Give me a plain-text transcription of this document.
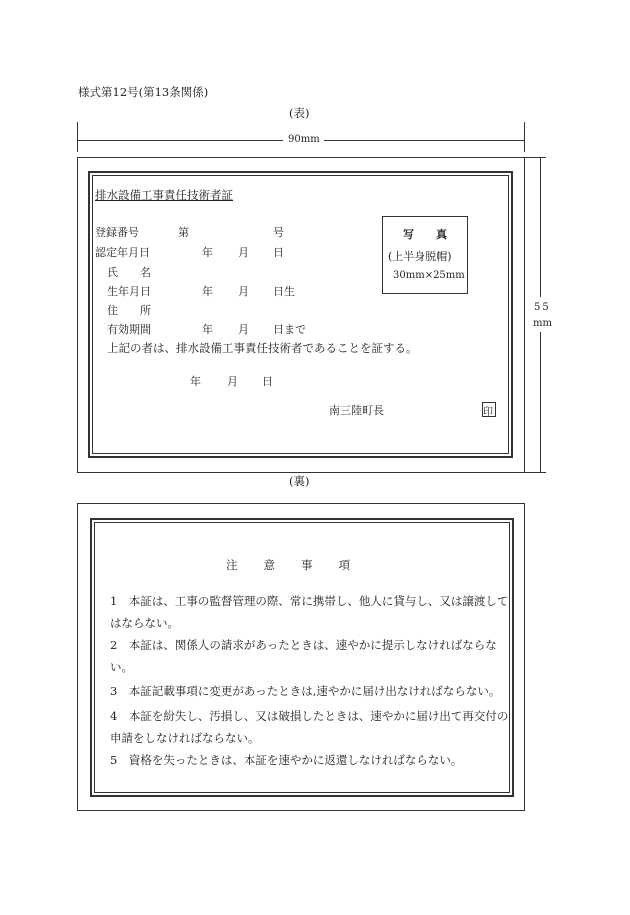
様式第12号(第13条関係)
(表)
90mm
55
mm
排水設備工事責任技術者証
登録番号	第	号
認定年月日	年 月 日
氏　　名
生年月日	年 月 日生
住　　所
有効期間	年 月 日まで
写　　真
(上半身脱帽)
30mm×25mm
上記の者は、排水設備工事責任技術者であることを証する。
年 月 日
南三陸町長	印
(裏)
注　　意　　事　　項
1　本証は、工事の監督管理の際、常に携帯し、他人に貸与し、又は譲渡してはならない。
2　本証は、関係人の請求があったときは、速やかに提示しなければならない。
3　本証記載事項に変更があったときは,速やかに届け出なければならない。
4　本証を紛失し、汚損し、又は破損したときは、速やかに届け出て再交付の申請をしなければならない。
5　資格を失ったときは、本証を速やかに返還しなければならない。
